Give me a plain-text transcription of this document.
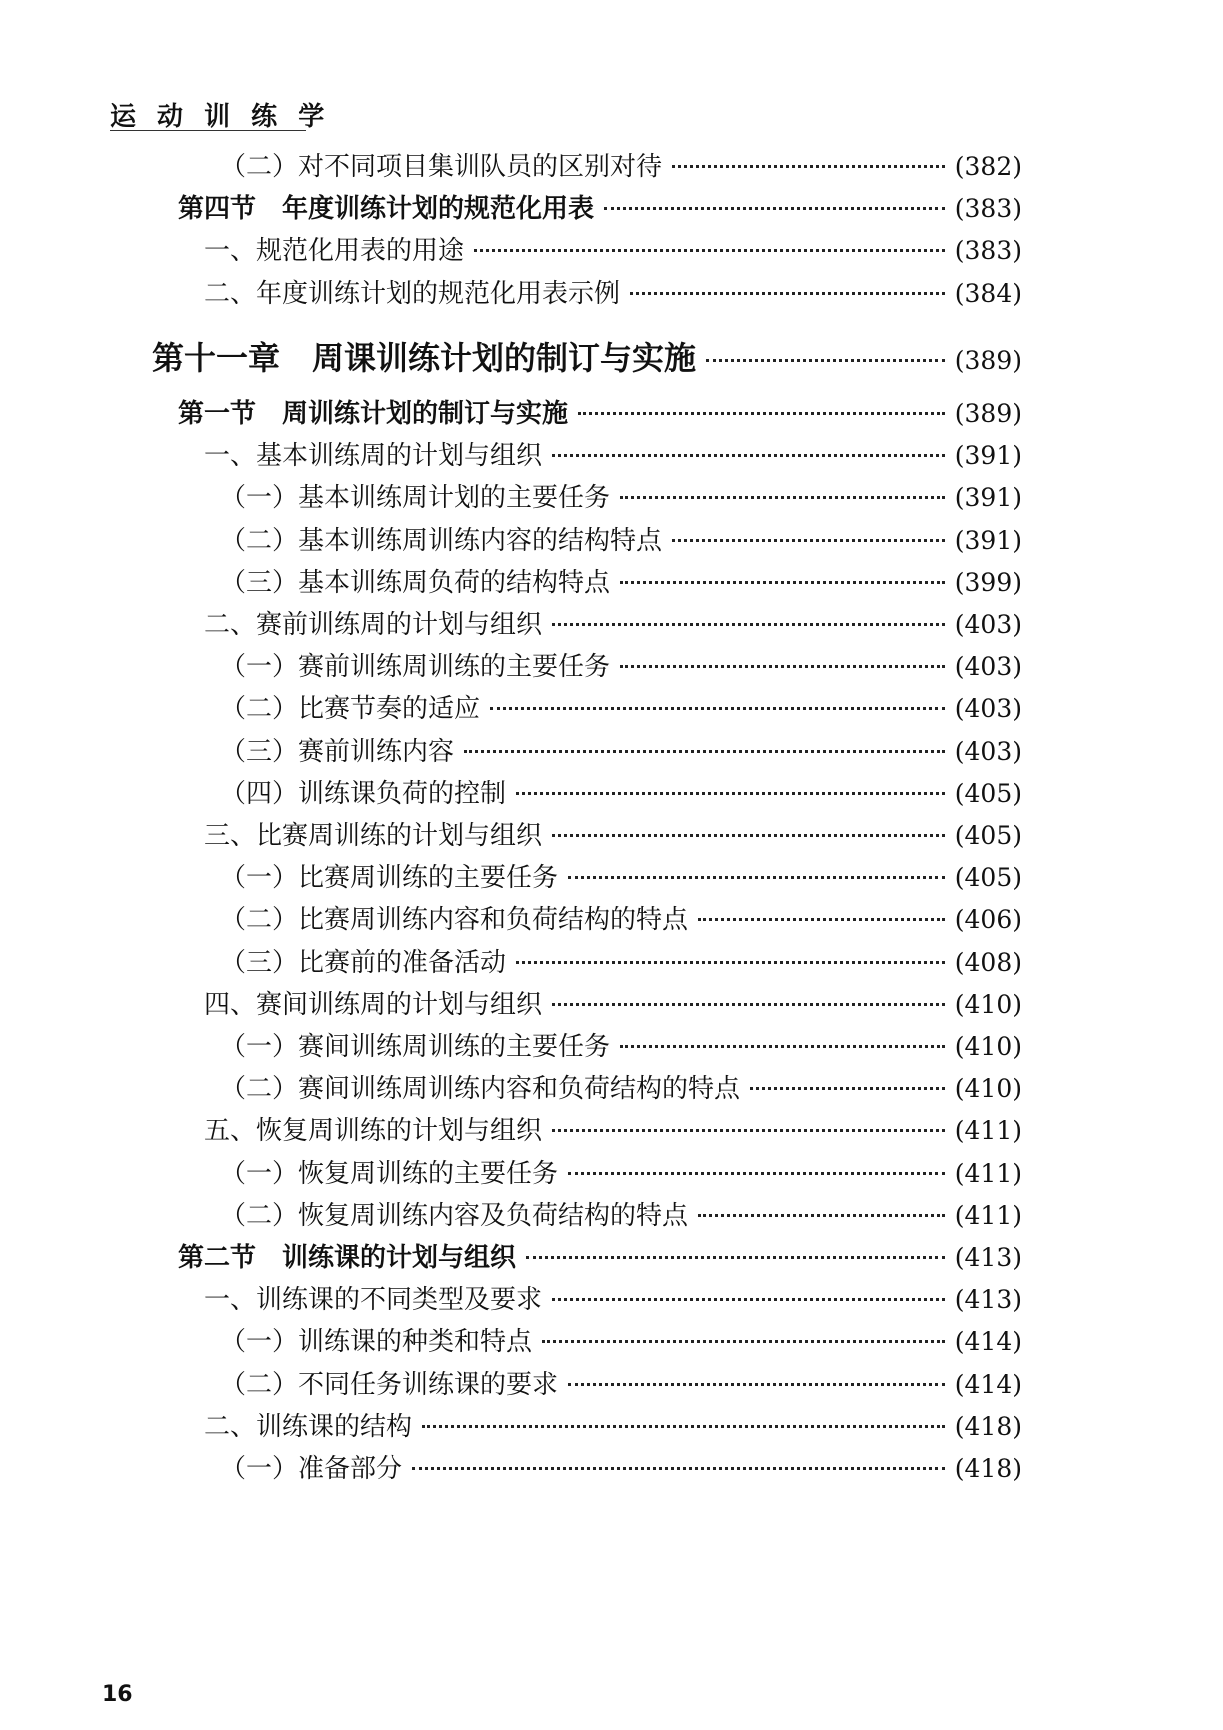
运 动 训 练 学
（二）对不同项目集训队员的区别对待	(382)
第四节　年度训练计划的规范化用表	(383)
一、规范化用表的用途	(383)
二、年度训练计划的规范化用表示例	(384)
第十一章　周课训练计划的制订与实施	(389)
第一节　周训练计划的制订与实施	(389)
一、基本训练周的计划与组织	(391)
（一）基本训练周计划的主要任务	(391)
（二）基本训练周训练内容的结构特点	(391)
（三）基本训练周负荷的结构特点	(399)
二、赛前训练周的计划与组织	(403)
（一）赛前训练周训练的主要任务	(403)
（二）比赛节奏的适应	(403)
（三）赛前训练内容	(403)
（四）训练课负荷的控制	(405)
三、比赛周训练的计划与组织	(405)
（一）比赛周训练的主要任务	(405)
（二）比赛周训练内容和负荷结构的特点	(406)
（三）比赛前的准备活动	(408)
四、赛间训练周的计划与组织	(410)
（一）赛间训练周训练的主要任务	(410)
（二）赛间训练周训练内容和负荷结构的特点	(410)
五、恢复周训练的计划与组织	(411)
（一）恢复周训练的主要任务	(411)
（二）恢复周训练内容及负荷结构的特点	(411)
第二节　训练课的计划与组织	(413)
一、训练课的不同类型及要求	(413)
（一）训练课的种类和特点	(414)
（二）不同任务训练课的要求	(414)
二、训练课的结构	(418)
（一）准备部分	(418)
16
